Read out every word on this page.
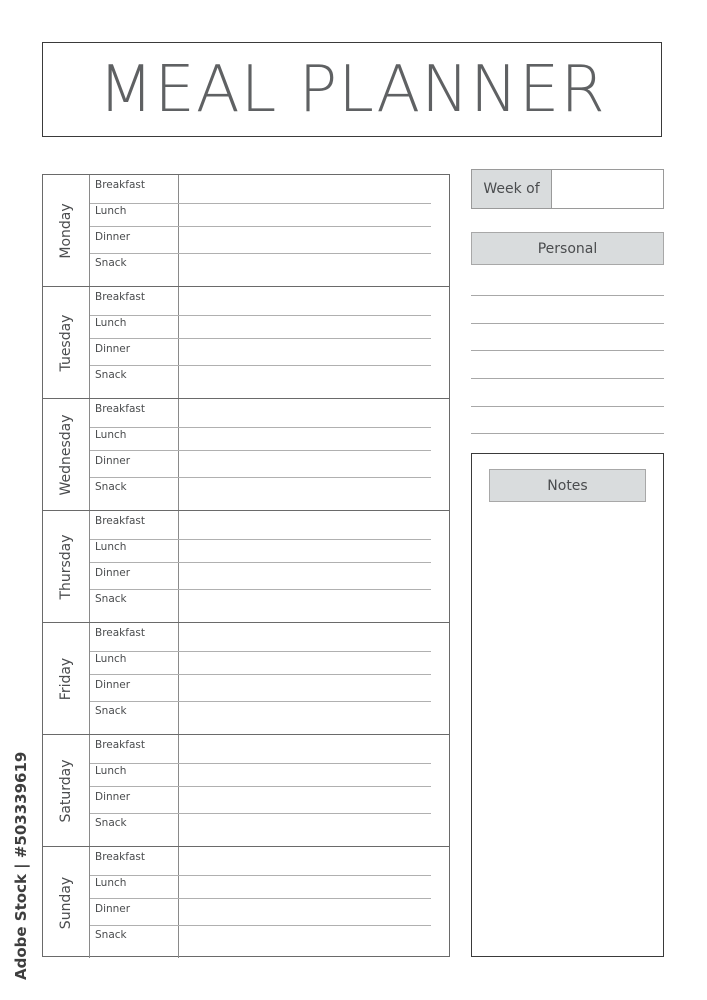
MEAL PLANNER
Monday
Breakfast
Lunch
Dinner
Snack
Tuesday
Breakfast
Lunch
Dinner
Snack
Wednesday
Breakfast
Lunch
Dinner
Snack
Thursday
Breakfast
Lunch
Dinner
Snack
Friday
Breakfast
Lunch
Dinner
Snack
Saturday
Breakfast
Lunch
Dinner
Snack
Sunday
Breakfast
Lunch
Dinner
Snack
Week of
Personal
Notes
Adobe Stock | #503339619
